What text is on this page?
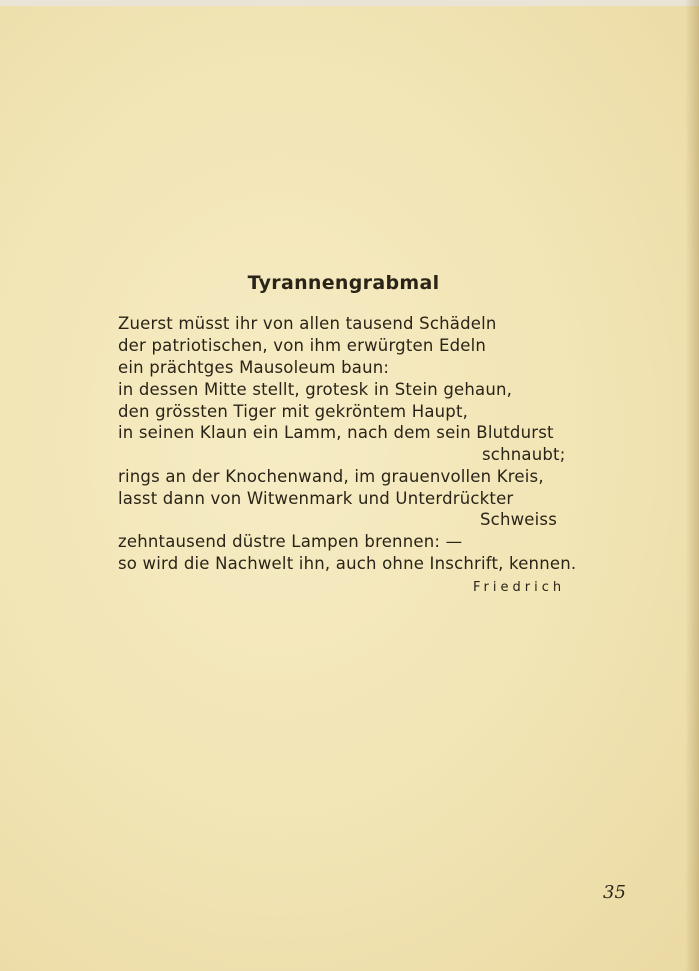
Tyrannengrabmal
Zuerst müsst ihr von allen tausend Schädeln
der patriotischen, von ihm erwürgten Edeln
ein prächtges Mausoleum baun:
in dessen Mitte stellt, grotesk in Stein gehaun,
den grössten Tiger mit gekröntem Haupt,
in seinen Klaun ein Lamm, nach dem sein Blutdurst
schnaubt;
rings an der Knochenwand, im grauenvollen Kreis,
lasst dann von Witwenmark und Unterdrückter
Schweiss
zehntausend düstre Lampen brennen: —
so wird die Nachwelt ihn, auch ohne Inschrift, kennen.
Friedrich
35
